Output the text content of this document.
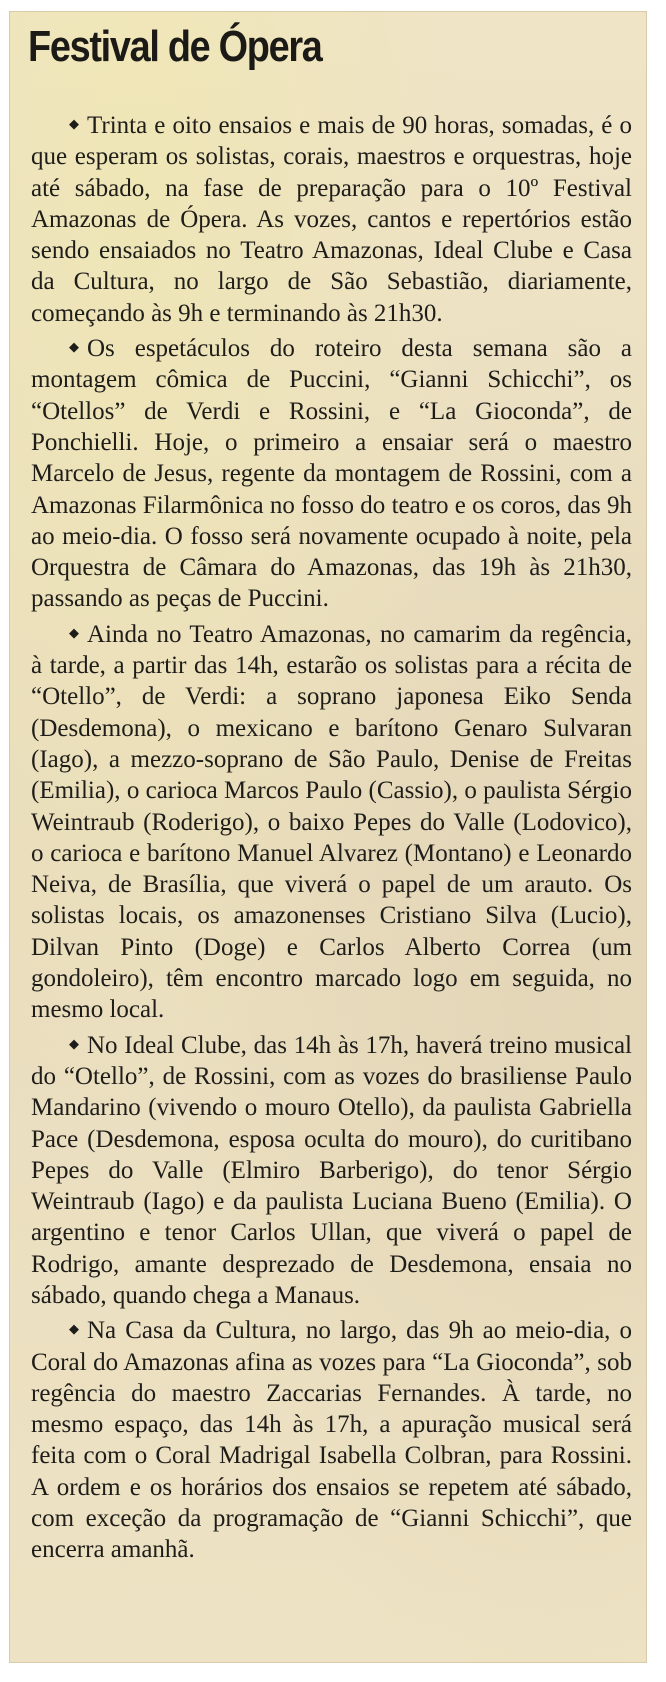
Festival de Ópera

◆ Trinta e oito ensaios e mais de 90 horas, somadas, é o que esperam os solistas, corais, maestros e orquestras, hoje até sábado, na fase de preparação para o 10º Festival Amazonas de Ópera. As vozes, cantos e repertórios estão sendo ensaiados no Teatro Amazonas, Ideal Clube e Casa da Cultura, no largo de São Sebastião, diariamente, começando às 9h e terminando às 21h30.

◆ Os espetáculos do roteiro desta semana são a montagem cômica de Puccini, “Gianni Schicchi”, os “Otellos” de Verdi e Rossini, e “La Gioconda”, de Ponchielli. Hoje, o primeiro a ensaiar será o maestro Marcelo de Jesus, regente da montagem de Rossini, com a Amazonas Filarmônica no fosso do teatro e os coros, das 9h ao meio-dia. O fosso será novamente ocupado à noite, pela Orquestra de Câmara do Amazonas, das 19h às 21h30, passando as peças de Puccini.

◆ Ainda no Teatro Amazonas, no camarim da regência, à tarde, a partir das 14h, estarão os solistas para a récita de “Otello”, de Verdi: a soprano japonesa Eiko Senda (Desdemona), o mexicano e barítono Genaro Sulvaran (Iago), a mezzo-soprano de São Paulo, Denise de Freitas (Emilia), o carioca Marcos Paulo (Cassio), o paulista Sérgio Weintraub (Roderigo), o baixo Pepes do Valle (Lodovico), o carioca e barítono Manuel Alvarez (Montano) e Leonardo Neiva, de Brasília, que viverá o papel de um arauto. Os solistas locais, os amazonenses Cristiano Silva (Lucio), Dilvan Pinto (Doge) e Carlos Alberto Correa (um gondoleiro), têm encontro marcado logo em seguida, no mesmo local.

◆ No Ideal Clube, das 14h às 17h, haverá treino musical do “Otello”, de Rossini, com as vozes do brasiliense Paulo Mandarino (vivendo o mouro Otello), da paulista Gabriella Pace (Desdemona, esposa oculta do mouro), do curitibano Pepes do Valle (Elmiro Barberigo), do tenor Sérgio Weintraub (Iago) e da paulista Luciana Bueno (Emilia). O argentino e tenor Carlos Ullan, que viverá o papel de Rodrigo, amante desprezado de Desdemona, ensaia no sábado, quando chega a Manaus.

◆ Na Casa da Cultura, no largo, das 9h ao meio-dia, o Coral do Amazonas afina as vozes para “La Gioconda”, sob regência do maestro Zaccarias Fernandes. À tarde, no mesmo espaço, das 14h às 17h, a apuração musical será feita com o Coral Madrigal Isabella Colbran, para Rossini. A ordem e os horários dos ensaios se repetem até sábado, com exceção da programação de “Gianni Schicchi”, que encerra amanhã.
